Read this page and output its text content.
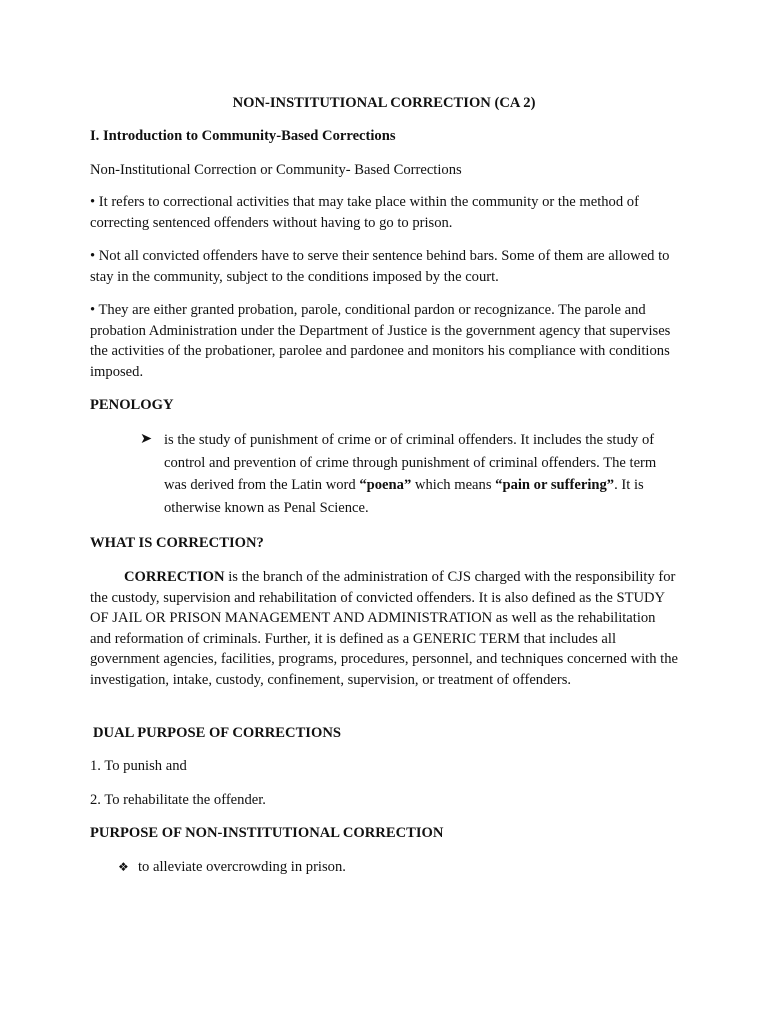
NON-INSTITUTIONAL CORRECTION (CA 2)

I. Introduction to Community-Based Corrections

Non-Institutional Correction or Community- Based Corrections

• It refers to correctional activities that may take place within the community or the method of correcting sentenced offenders without having to go to prison.

• Not all convicted offenders have to serve their sentence behind bars. Some of them are allowed to stay in the community, subject to the conditions imposed by the court.

• They are either granted probation, parole, conditional pardon or recognizance. The parole and probation Administration under the Department of Justice is the government agency that supervises the activities of the probationer, parolee and pardonee and monitors his compliance with conditions imposed.

PENOLOGY

➤ is the study of punishment of crime or of criminal offenders. It includes the study of control and prevention of crime through punishment of criminal offenders. The term was derived from the Latin word “poena” which means “pain or suffering”. It is otherwise known as Penal Science.

WHAT IS CORRECTION?

CORRECTION is the branch of the administration of CJS charged with the responsibility for the custody, supervision and rehabilitation of convicted offenders. It is also defined as the STUDY OF JAIL OR PRISON MANAGEMENT AND ADMINISTRATION as well as the rehabilitation and reformation of criminals. Further, it is defined as a GENERIC TERM that includes all government agencies, facilities, programs, procedures, personnel, and techniques concerned with the investigation, intake, custody, confinement, supervision, or treatment of offenders.

DUAL PURPOSE OF CORRECTIONS

1. To punish and

2. To rehabilitate the offender.

PURPOSE OF NON-INSTITUTIONAL CORRECTION

❖ to alleviate overcrowding in prison.
